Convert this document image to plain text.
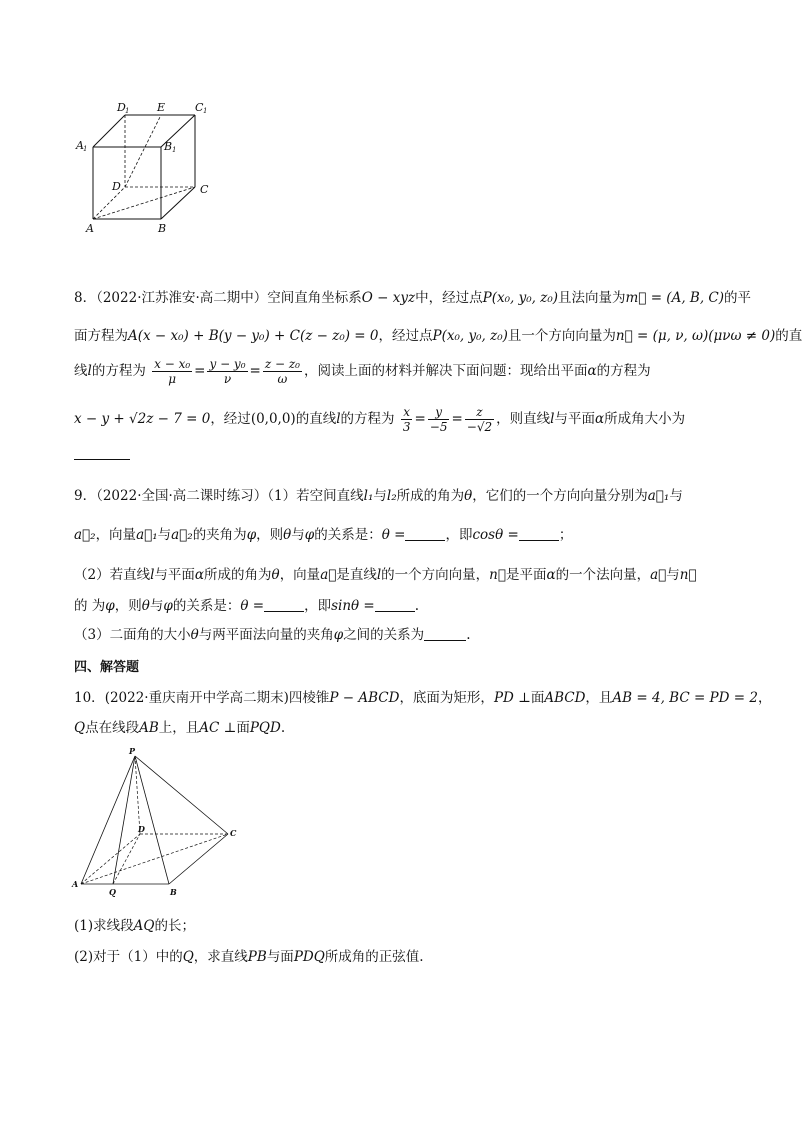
D 1	E	C 1
A 1	B 1
D	C
A	B
8．（2022·江苏淮安·高二期中）空间直角坐标系O − xyz中，经过点P(x₀, y₀, z₀)且法向量为m⃗ = (A, B, C)的平
面方程为A(x − x₀) + B(y − y₀) + C(z − z₀) = 0，经过点P(x₀, y₀, z₀)且一个方向向量为n⃗ = (μ, ν, ω)(μνω ≠ 0)的直
线l的方程为 $\frac{\text{x − x₀}}{\mu} = \frac{\text{y − y₀}}{\nu} = \frac{\text{z − z₀}}{\omega}$ ，阅读上面的材料并解决下面问题：现给出平面α的方程为
x − y + √2z − 7 = 0，经过(0,0,0)的直线l的方程为 $\frac{x}{3} = \frac{y}{-5} = \frac{z}{-√2}$ ，则直线l与平面α所成角大小为
9．（2022·全国·高二课时练习）（1）若空间直线l₁与l₂所成的角为θ，它们的一个方向向量分别为a⃗₁与
a⃗₂，向量a⃗₁与a⃗₂的夹角为φ，则θ与φ的关系是：θ =	，即cosθ =	；
（2）若直线l与平面α所成的角为θ，向量a⃗是直线l的一个方向向量，n⃗是平面α的一个法向量，a⃗与n⃗
的 为φ，则θ与φ的关系是：θ =	，即sinθ =	.
（3）二面角的大小θ与两平面法向量的夹角φ之间的关系为	.
四、解答题
10．(2022·重庆南开中学高二期末)四棱锥P − ABCD，底面为矩形，PD ⊥面ABCD，且AB = 4, BC = PD = 2，
Q点在线段AB上，且AC ⊥面PQD.
P
D	C
A
Q	B
(1)求线段AQ的长；
(2)对于（1）中的Q，求直线PB与面PDQ所成角的正弦值.
